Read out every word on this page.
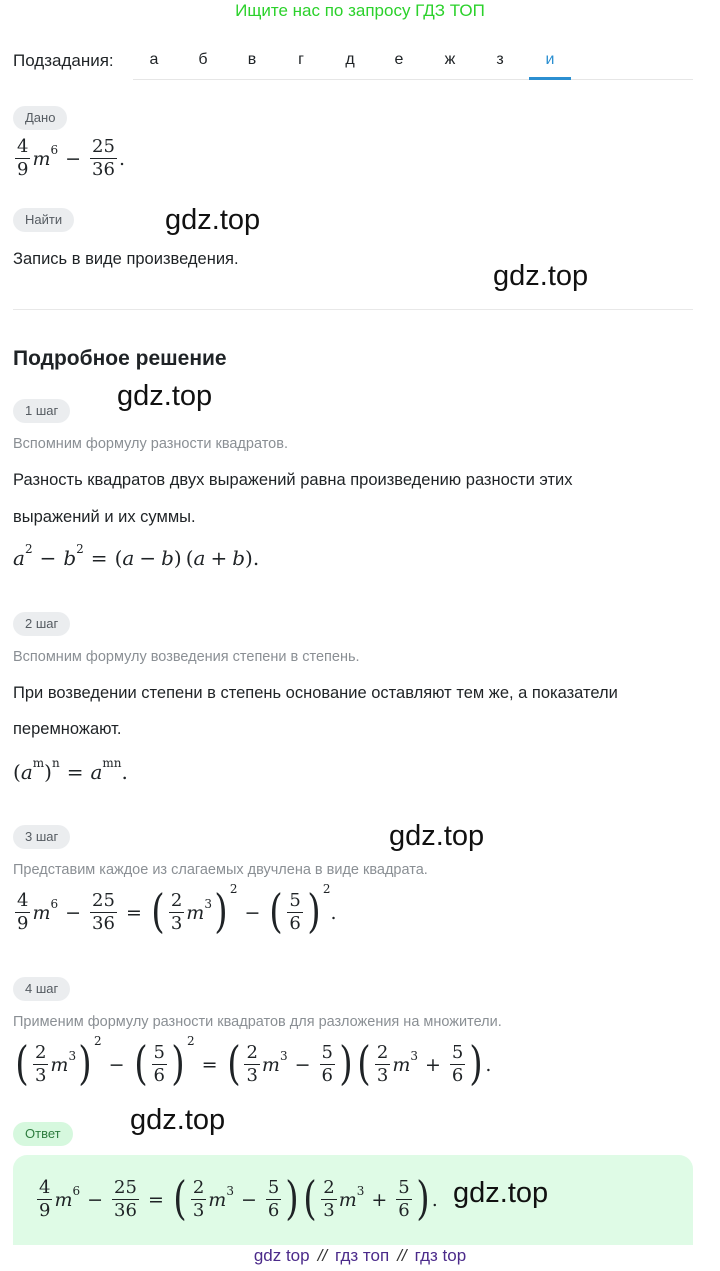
Ищите нас по запросу ГДЗ ТОП
Подзадания:	а	б	в	г	д	е	ж	з	и
Дано
$\frac{4}{9}$ m $6 - \frac{25}{36}$ .
Найти
Запись в виде произведения.
Подробное решение
1 шаг
Вспомним формулу разности квадратов.
Разность квадратов двух выражений равна произведению разности этих
выражений и их суммы.
a 2 − b 2 = ( a − b ) ( a + b ).
2 шаг
Вспомним формулу возведения степени в степень.
При возведении степени в степень основание оставляют тем же, а показатели
перемножают.
( a m ) n = a mn .
3 шаг
Представим каждое из слагаемых двучлена в виде квадрата.
$\frac{4}{9}$ m $6 - \frac{25}{36}$ = ( $\frac{2}{3}$ m 3 ) 2
− ( $\frac{5}{6}$ ) 2
.
4 шаг
Применим формулу разности квадратов для разложения на множители.
( $\frac{2}{3}$ m 3 ) 2
− ( $\frac{5}{6}$ ) 2
= ( $\frac{2}{3}$ m $3 - \frac{5}{6}$ ) ( $\frac{2}{3}$ m $3 + \frac{5}{6}$ ) .
Ответ
$\frac{4}{9}$ m $6 - \frac{25}{36}$ = ( $\frac{2}{3}$ m $3 - \frac{5}{6}$ ) ( $\frac{2}{3}$ m $3 + \frac{5}{6}$ ) .
gdz.top
gdz.top
gdz.top
gdz.top
gdz.top
gdz.top
gdz top // гдз топ // гдз top
